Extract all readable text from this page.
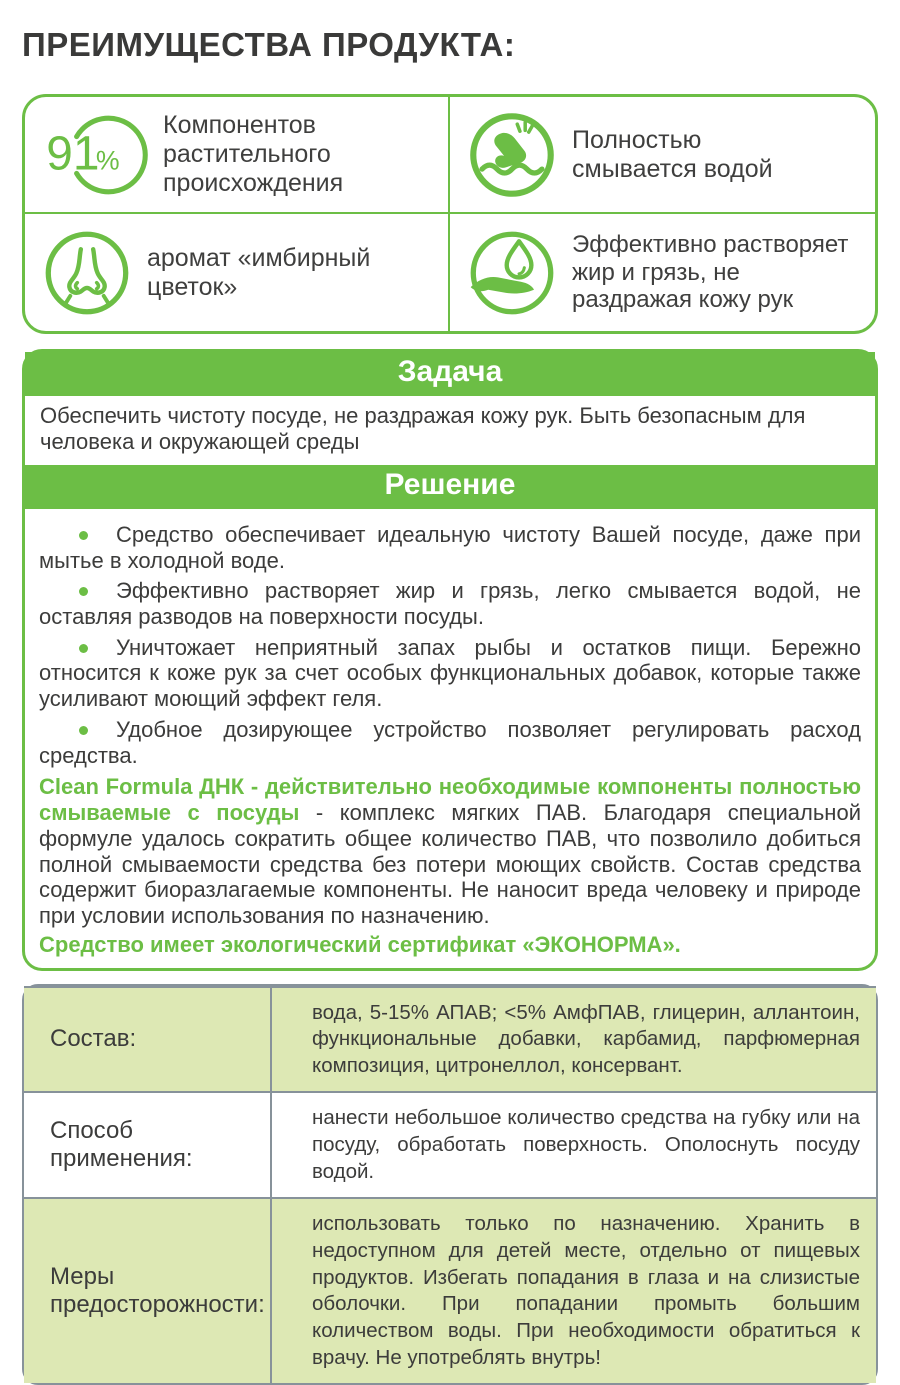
ПРЕИМУЩЕСТВА ПРОДУКТА:
91
%
Компонентов растительного происхождения
Полностью смывается водой
аромат «имбирный цветок»
Эффективно растворяет жир и грязь, не раздражая кожу рук
Задача
Обеспечить чистоту посуде, не раздражая кожу рук. Быть безопасным для человека и окружающей среды
Решение

Средство обеспечивает идеальную чистоту Вашей посуде, даже при мытье в холодной воде.

Эффективно растворяет жир и грязь, легко смывается водой, не оставляя разводов на поверхности посуды.

Уничтожает неприятный запах рыбы и остатков пищи. Бережно относится к коже рук за счет особых функциональных добавок, которые также усиливают моющий эффект геля.

Удобное дозирующее устройство позволяет регулировать расход средства.

Clean Formula ДНК - действительно необходимые компоненты полностью смываемые с посуды - комплекс мягких ПАВ. Благодаря специальной формуле удалось сократить общее количество ПАВ, что позволило добиться полной смываемости средства без потери моющих свойств. Состав средства содержит биоразлагаемые компоненты. Не наносит вреда человеку и природе при условии использования по назначению.

Средство имеет экологический сертификат «ЭКОНОРМА».

Состав:
вода, 5-15% АПАВ; <5% АмфПАВ, глицерин, аллантоин, функциональные добавки, карбамид, парфюмерная композиция, цитронеллол, консервант.
Способ применения:
нанести небольшое количество средства на губку или на посуду, обработать поверхность. Ополоснуть посуду водой.
Меры предосторожности:
использовать только по назначению. Хранить в недоступном для детей месте, отдельно от пищевых продуктов. Избегать попадания в глаза и на слизистые оболочки. При попадании промыть большим количеством воды. При необходимости обратиться к врачу. Не употреблять внутрь!
